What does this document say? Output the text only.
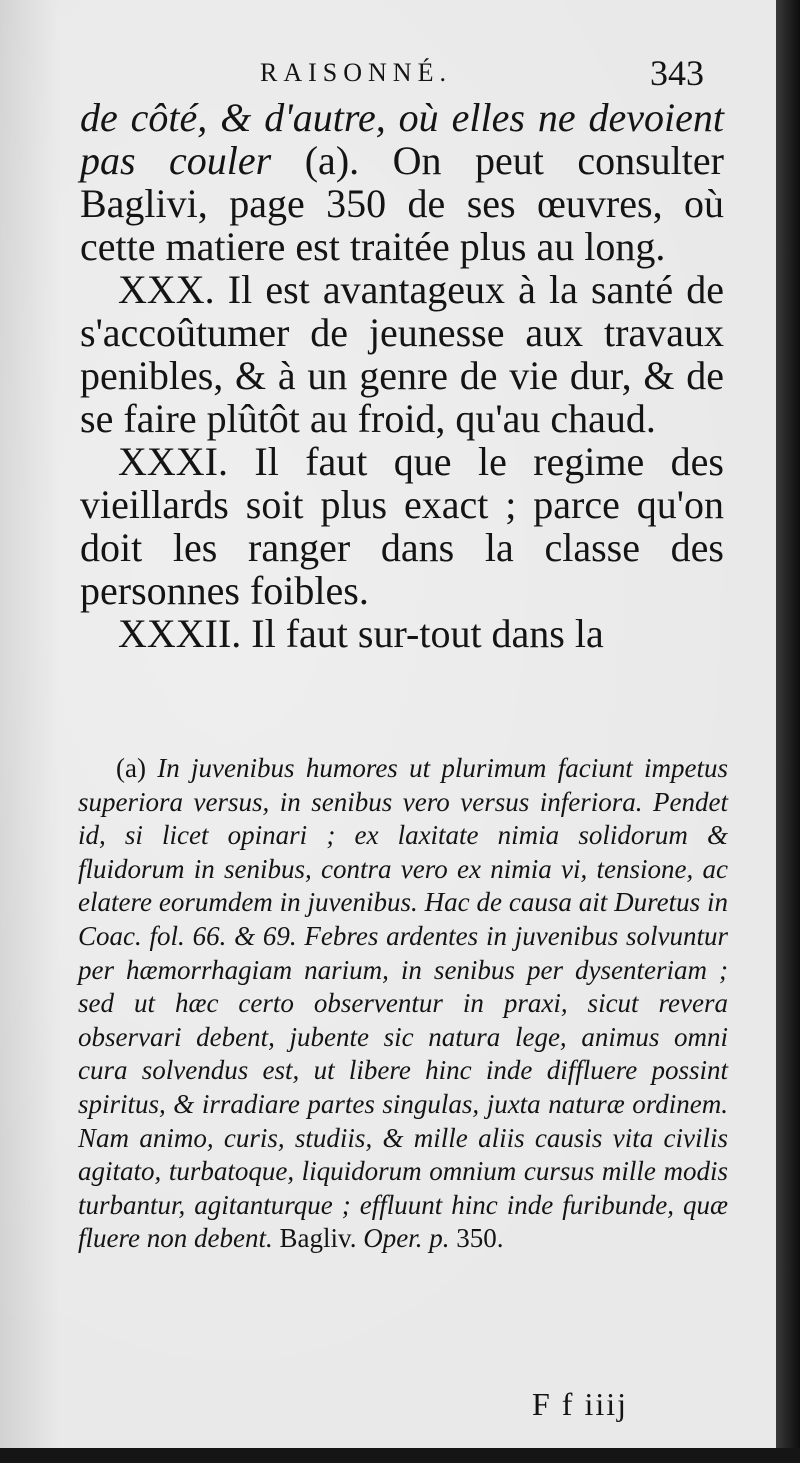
RAISONNÉ.	343

de côté, & d'autre, où elles ne devoient pas couler (a). On peut consulter Baglivi, page 350 de ses œuvres, où cette matiere est traitée plus au long.

XXX. Il est avantageux à la santé de s'accoûtumer de jeunesse aux travaux penibles, & à un genre de vie dur, & de se faire plûtôt au froid, qu'au chaud.

XXXI. Il faut que le regime des vieillards soit plus exact ; parce qu'on doit les ranger dans la classe des personnes foibles.

XXXII. Il faut sur-tout dans la

(a) In juvenibus humores ut plurimum faciunt impetus superiora versus, in senibus vero versus inferiora. Pendet id, si licet opinari ; ex laxitate nimia solidorum & fluidorum in senibus, contra vero ex nimia vi, tensione, ac elatere eorumdem in juvenibus. Hac de causa ait Duretus in Coac. fol. 66. & 69. Febres ardentes in juvenibus solvuntur per hæmorrhagiam narium, in senibus per dysenteriam ; sed ut hæc certo observentur in praxi, sicut revera observari debent, jubente sic natura lege, animus omni cura solvendus est, ut libere hinc inde diffluere possint spiritus, & irradiare partes singulas, juxta naturæ ordinem. Nam animo, curis, studiis, & mille aliis causis vita civilis agitato, turbatoque, liquidorum omnium cursus mille modis turbantur, agitanturque ; effluunt hinc inde furibunde, quæ fluere non debent. Bagliv. Oper. p. 350.

F f iiij
